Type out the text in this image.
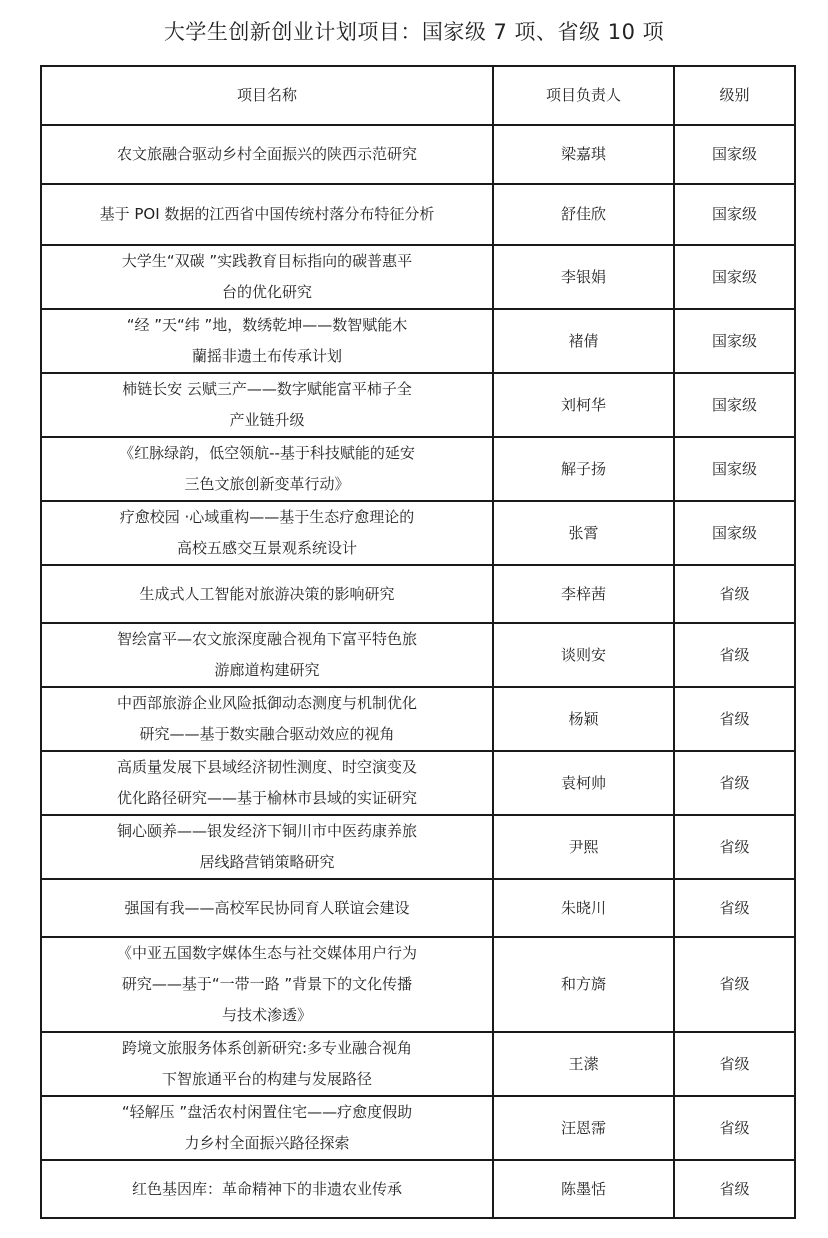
大学生创新创业计划项目：国家级 7 项、省级 10 项
项目名称	项目负责人	级别
农文旅融合驱动乡村全面振兴的陕西示范研究	梁嘉琪	国家级
基于 POI 数据的江西省中国传统村落分布特征分析	舒佳欣	国家级
大学生“双碳 ”实践教育目标指向的碳普惠平
台的优化研究	李银娟	国家级
“经 ”天“纬 ”地，数绣乾坤——数智赋能木
蘭摇非遗土布传承计划	褚倩	国家级
柿链长安 云赋三产——数字赋能富平柿子全
产业链升级	刘柯华	国家级
《红脉绿韵，低空领航--基于科技赋能的延安
三色文旅创新变革行动》	解子扬	国家级
疗愈校园 ·心域重构——基于生态疗愈理论的
高校五感交互景观系统设计	张霄	国家级
生成式人工智能对旅游决策的影响研究	李梓茜	省级
智绘富平—农文旅深度融合视角下富平特色旅
游廊道构建研究	谈则安	省级
中西部旅游企业风险抵御动态测度与机制优化
研究——基于数实融合驱动效应的视角	杨颖	省级
高质量发展下县域经济韧性测度、时空演变及
优化路径研究——基于榆林市县域的实证研究	袁柯帅	省级
铜心颐养——银发经济下铜川市中医药康养旅
居线路营销策略研究	尹熙	省级
强国有我——高校军民协同育人联谊会建设	朱晓川	省级
《中亚五国数字媒体生态与社交媒体用户行为
研究——基于“一带一路 ”背景下的文化传播
与技术渗透》	和方旖	省级
跨境文旅服务体系创新研究:多专业融合视角
下智旅通平台的构建与发展路径	王潆	省级
“轻解压 ”盘活农村闲置住宅——疗愈度假助
力乡村全面振兴路径探索	汪恩霈	省级
红色基因库：革命精神下的非遗农业传承	陈墨恬	省级
